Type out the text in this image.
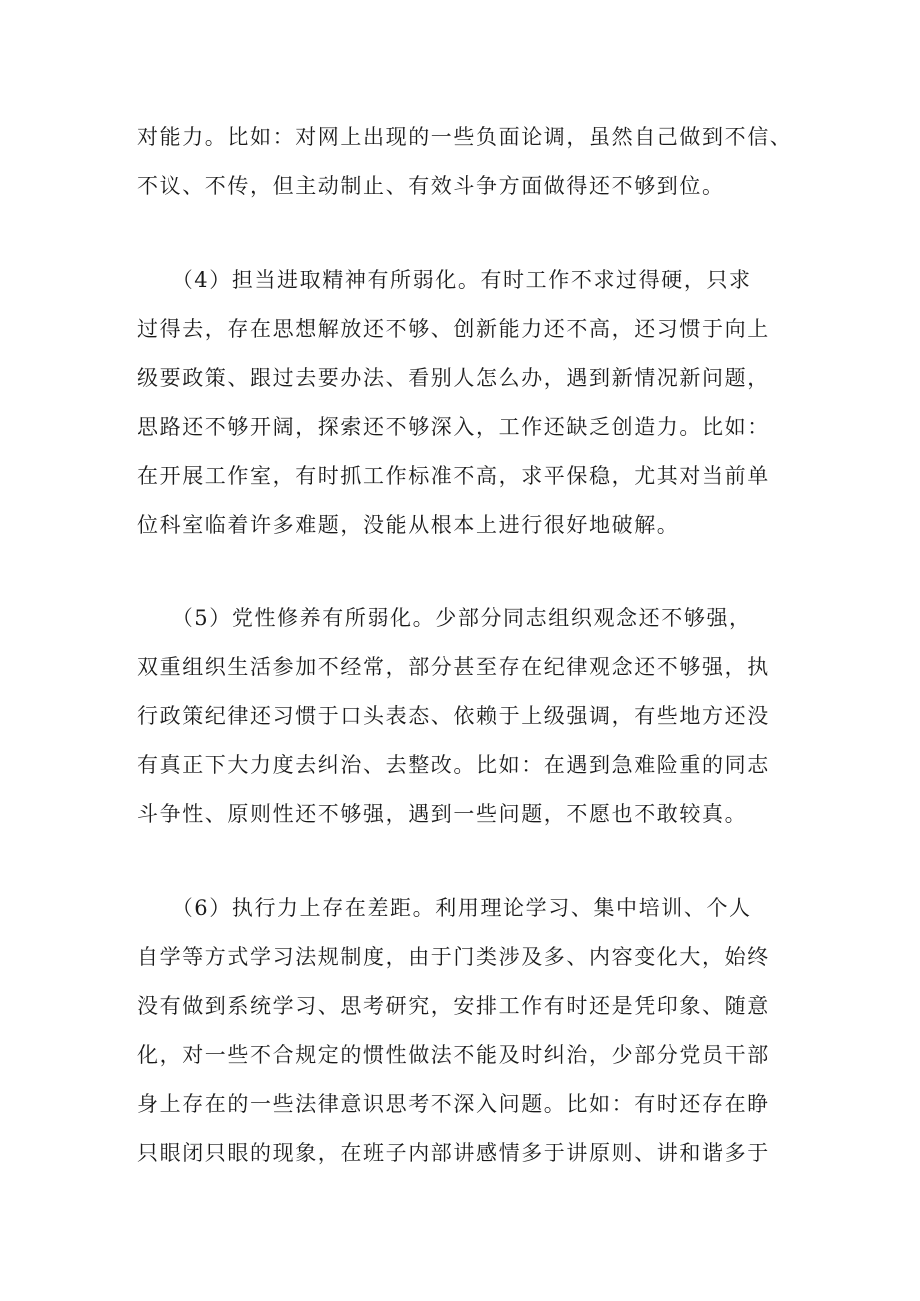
对能力。比如：对网上出现的一些负面论调，虽然自己做到不信、
不议、不传，但主动制止、有效斗争方面做得还不够到位。
　　（4）担当进取精神有所弱化。有时工作不求过得硬，只求
过得去，存在思想解放还不够、创新能力还不高，还习惯于向上
级要政策、跟过去要办法、看别人怎么办，遇到新情况新问题，
思路还不够开阔，探索还不够深入，工作还缺乏创造力。比如：
在开展工作室，有时抓工作标准不高，求平保稳，尤其对当前单
位科室临着许多难题，没能从根本上进行很好地破解。
　　（5）党性修养有所弱化。少部分同志组织观念还不够强，
双重组织生活参加不经常，部分甚至存在纪律观念还不够强，执
行政策纪律还习惯于口头表态、依赖于上级强调，有些地方还没
有真正下大力度去纠治、去整改。比如：在遇到急难险重的同志
斗争性、原则性还不够强，遇到一些问题，不愿也不敢较真。
　　（6）执行力上存在差距。利用理论学习、集中培训、个人
自学等方式学习法规制度，由于门类涉及多、内容变化大，始终
没有做到系统学习、思考研究，安排工作有时还是凭印象、随意
化，对一些不合规定的惯性做法不能及时纠治，少部分党员干部
身上存在的一些法律意识思考不深入问题。比如：有时还存在睁
只眼闭只眼的现象，在班子内部讲感情多于讲原则、讲和谐多于
